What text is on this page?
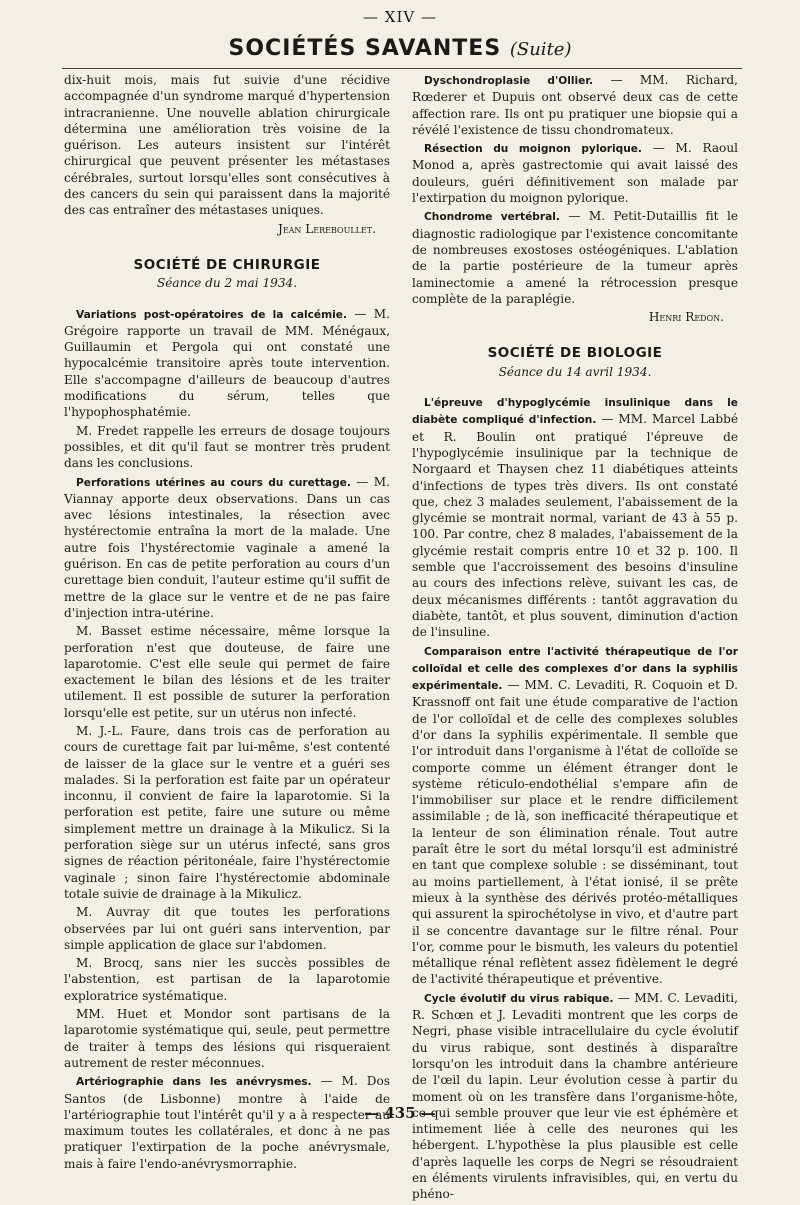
— XIV —
SOCIÉTÉS SAVANTES (Suite)

dix-huit mois, mais fut suivie d'une récidive accompagnée d'un syndrome marqué d'hypertension intracranienne. Une nouvelle ablation chirurgicale détermina une amélioration très voisine de la guérison. Les auteurs insistent sur l'intérêt chirurgical que peuvent présenter les métastases cérébrales, surtout lorsqu'elles sont consécutives à des cancers du sein qui paraissent dans la majorité des cas entraîner des métastases uniques.

Jean Lereboullet.
SOCIÉTÉ DE CHIRURGIE
Séance du 2 mai 1934.

Variations post-opératoires de la calcémie. — M. Grégoire rapporte un travail de MM. Ménégaux, Guillaumin et Pergola qui ont constaté une hypocalcémie transitoire après toute intervention. Elle s'accompagne d'ailleurs de beaucoup d'autres modifications du sérum, telles que l'hypophosphatémie.

M. Fredet rappelle les erreurs de dosage toujours possibles, et dit qu'il faut se montrer très prudent dans les conclusions.

Perforations utérines au cours du curettage. — M. Viannay apporte deux observations. Dans un cas avec lésions intestinales, la résection avec hystérectomie entraîna la mort de la malade. Une autre fois l'hystérectomie vaginale a amené la guérison. En cas de petite perforation au cours d'un curettage bien conduit, l'auteur estime qu'il suffit de mettre de la glace sur le ventre et de ne pas faire d'injection intra-utérine.

M. Basset estime nécessaire, même lorsque la perforation n'est que douteuse, de faire une laparotomie. C'est elle seule qui permet de faire exactement le bilan des lésions et de les traiter utilement. Il est possible de suturer la perforation lorsqu'elle est petite, sur un utérus non infecté.

M. J.-L. Faure, dans trois cas de perforation au cours de curettage fait par lui-même, s'est contenté de laisser de la glace sur le ventre et a guéri ses malades. Si la perforation est faite par un opérateur inconnu, il convient de faire la laparotomie. Si la perforation est petite, faire une suture ou même simplement mettre un drainage à la Mikulicz. Si la perforation siège sur un utérus infecté, sans gros signes de réaction péritonéale, faire l'hystérectomie vaginale ; sinon faire l'hystérectomie abdominale totale suivie de drainage à la Mikulicz.

M. Auvray dit que toutes les perforations observées par lui ont guéri sans intervention, par simple application de glace sur l'abdomen.

M. Brocq, sans nier les succès possibles de l'abstention, est partisan de la laparotomie exploratrice systématique.

MM. Huet et Mondor sont partisans de la laparotomie systématique qui, seule, peut permettre de traiter à temps des lésions qui risqueraient autrement de rester méconnues.

Artériographie dans les anévrysmes. — M. Dos Santos (de Lisbonne) montre à l'aide de l'artériographie tout l'intérêt qu'il y a à respecter au maximum toutes les collatérales, et donc à ne pas pratiquer l'extirpation de la poche anévrysmale, mais à faire l'endo-anévrysmorraphie.

Dyschondroplasie d'Ollier. — MM. Richard, Rœderer et Dupuis ont observé deux cas de cette affection rare. Ils ont pu pratiquer une biopsie qui a révélé l'existence de tissu chondromateux.

Résection du moignon pylorique. — M. Raoul Monod a, après gastrectomie qui avait laissé des douleurs, guéri définitivement son malade par l'extirpation du moignon pylorique.

Chondrome vertébral. — M. Petit-Dutaillis fit le diagnostic radiologique par l'existence concomitante de nombreuses exostoses ostéogéniques. L'ablation de la partie postérieure de la tumeur après laminectomie a amené la rétrocession presque complète de la paraplégie.

Henri Redon.
SOCIÉTÉ DE BIOLOGIE
Séance du 14 avril 1934.

L'épreuve d'hypoglycémie insulinique dans le diabète compliqué d'infection. — MM. Marcel Labbé et R. Boulin ont pratiqué l'épreuve de l'hypoglycémie insulinique par la technique de Norgaard et Thaysen chez 11 diabétiques atteints d'infections de types très divers. Ils ont constaté que, chez 3 malades seulement, l'abaissement de la glycémie se montrait normal, variant de 43 à 55 p. 100. Par contre, chez 8 malades, l'abaissement de la glycémie restait compris entre 10 et 32 p. 100. Il semble que l'accroissement des besoins d'insuline au cours des infections relève, suivant les cas, de deux mécanismes différents : tantôt aggravation du diabète, tantôt, et plus souvent, diminution d'action de l'insuline.

Comparaison entre l'activité thérapeutique de l'or colloïdal et celle des complexes d'or dans la syphilis expérimentale. — MM. C. Levaditi, R. Coquoin et D. Krassnoff ont fait une étude comparative de l'action de l'or colloïdal et de celle des complexes solubles d'or dans la syphilis expérimentale. Il semble que l'or introduit dans l'organisme à l'état de colloïde se comporte comme un élément étranger dont le système réticulo-endothélial s'empare afin de l'immobiliser sur place et le rendre difficilement assimilable ; de là, son inefficacité thérapeutique et la lenteur de son élimination rénale. Tout autre paraît être le sort du métal lorsqu'il est administré en tant que complexe soluble : se disséminant, tout au moins partiellement, à l'état ionisé, il se prête mieux à la synthèse des dérivés protéo-métalliques qui assurent la spirochétolyse in vivo, et d'autre part il se concentre davantage sur le filtre rénal. Pour l'or, comme pour le bismuth, les valeurs du potentiel métallique rénal reflètent assez fidèlement le degré de l'activité thérapeutique et préventive.

Cycle évolutif du virus rabique. — MM. C. Levaditi, R. Schœn et J. Levaditi montrent que les corps de Negri, phase visible intracellulaire du cycle évolutif du virus rabique, sont destinés à disparaître lorsqu'on les introduit dans la chambre antérieure de l'œil du lapin. Leur évolution cesse à partir du moment où on les transfère dans l'organisme-hôte, ce qui semble prouver que leur vie est éphémère et intimement liée à celle des neurones qui les hébergent. L'hypothèse la plus plausible est celle d'après laquelle les corps de Negri se résoudraient en éléments virulents infravisibles, qui, en vertu du phéno-

— 435 —
